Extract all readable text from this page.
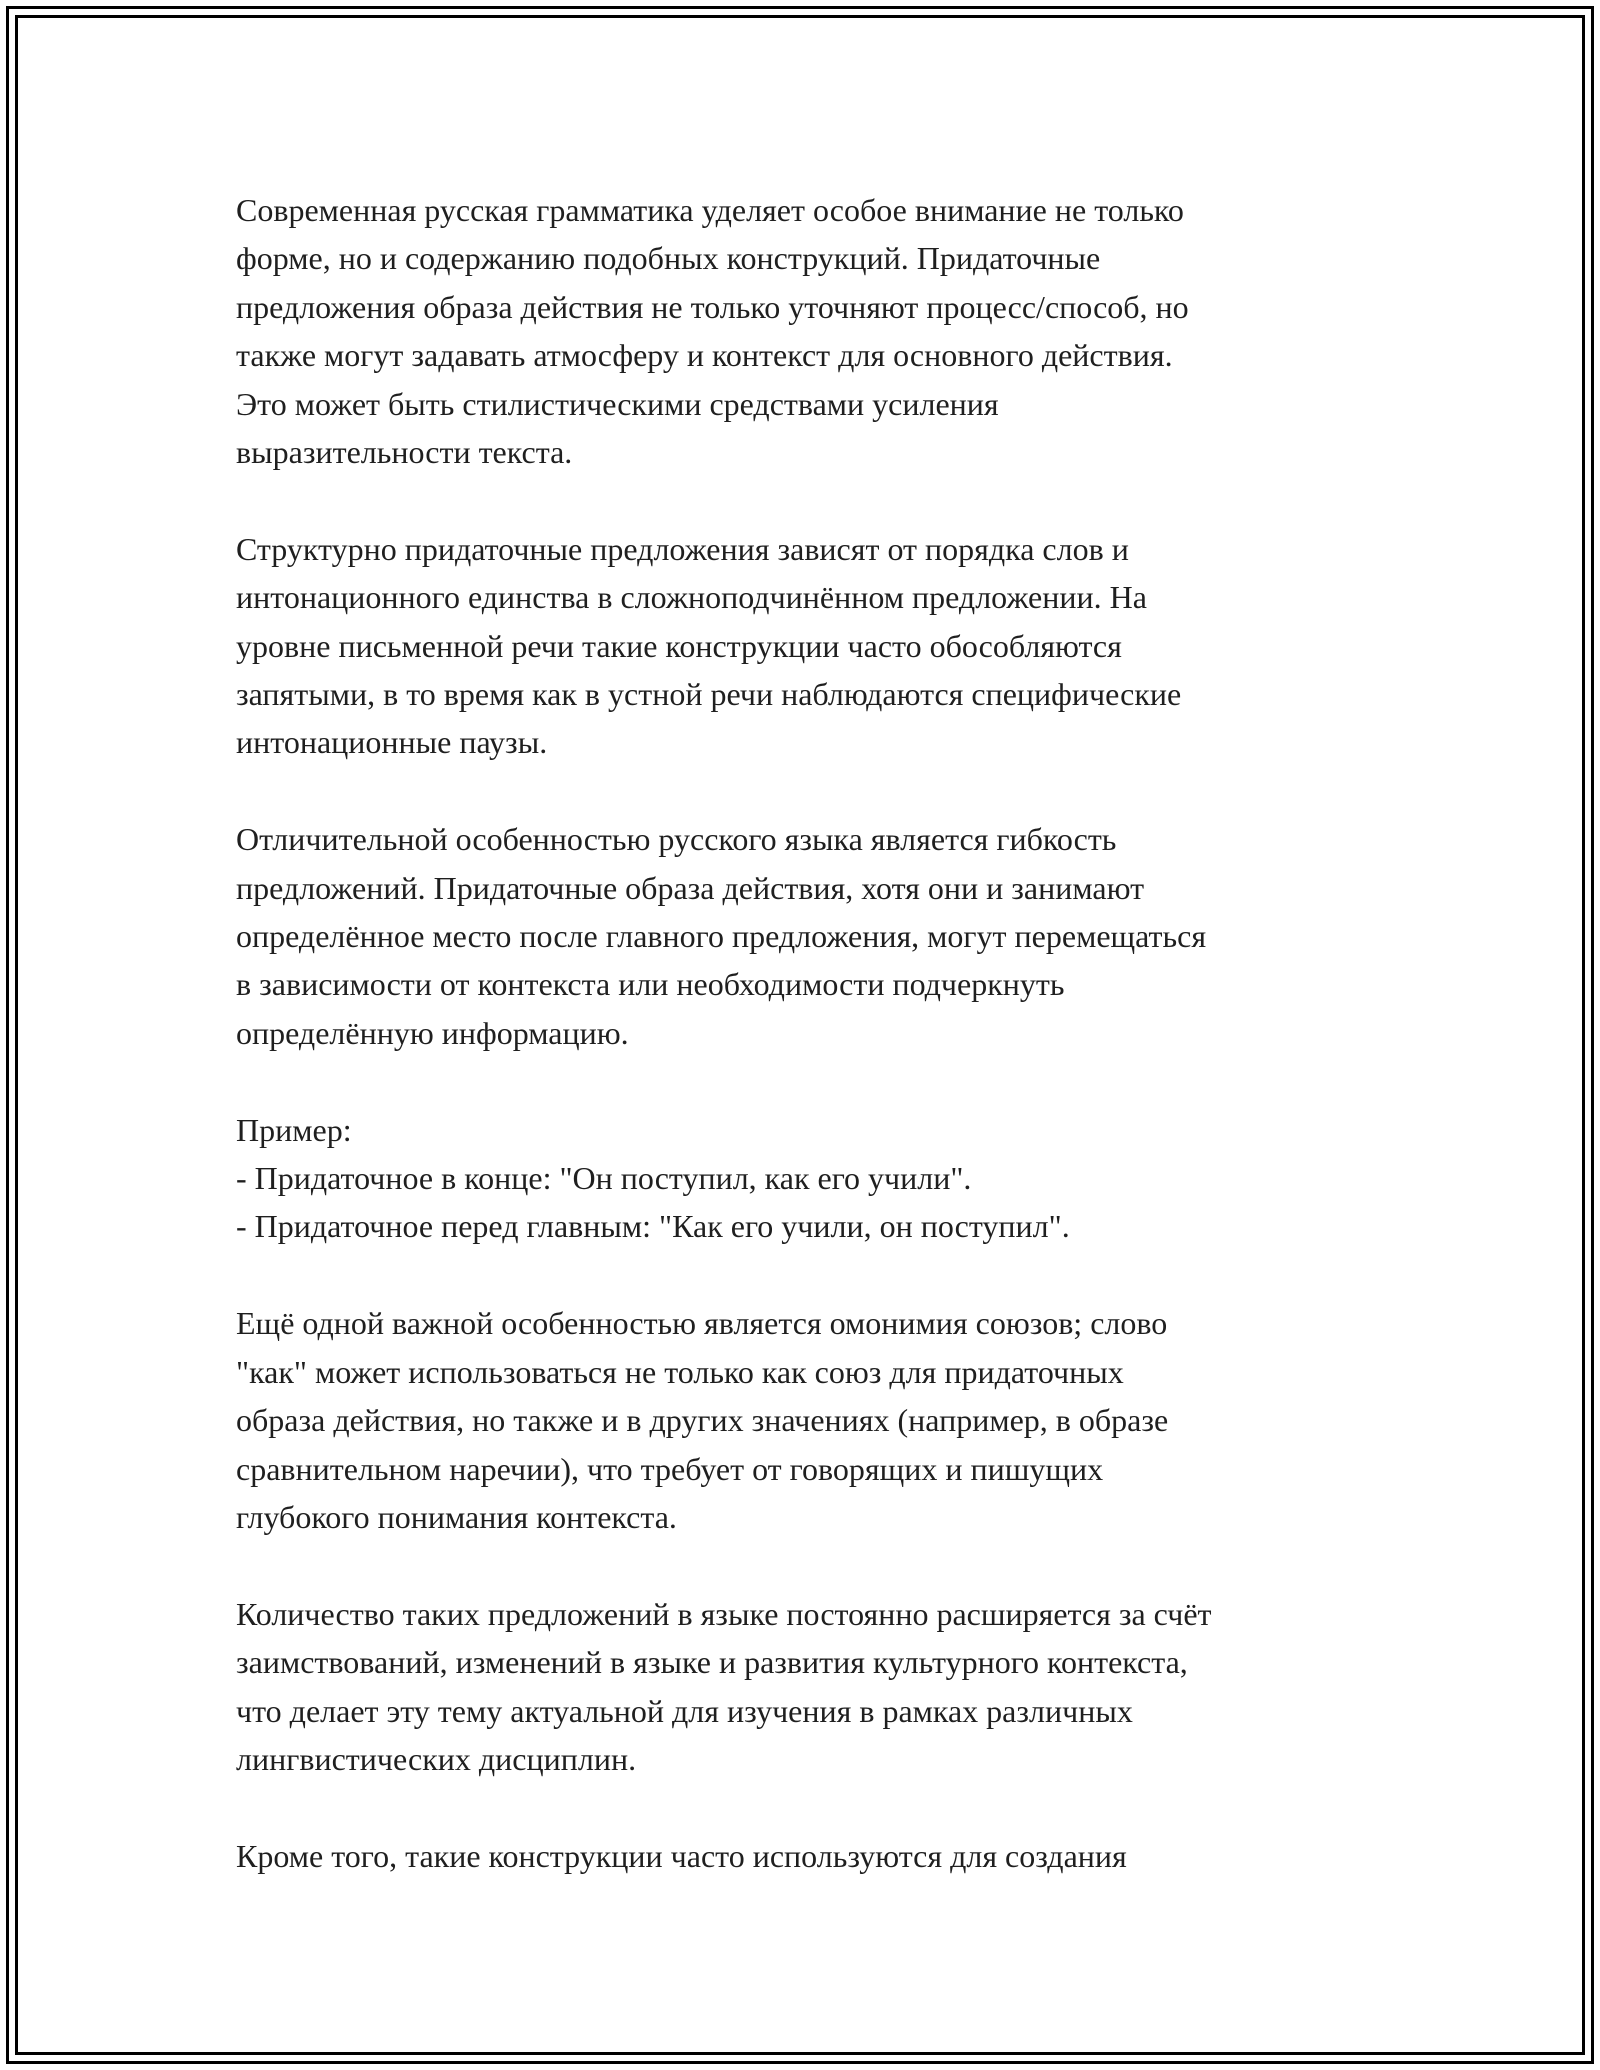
Современная русская грамматика уделяет особое внимание не только
форме, но и содержанию подобных конструкций. Придаточные
предложения образа действия не только уточняют процесс/способ, но
также могут задавать атмосферу и контекст для основного действия.
Это может быть стилистическими средствами усиления
выразительности текста.

Структурно придаточные предложения зависят от порядка слов и
интонационного единства в сложноподчинённом предложении. На
уровне письменной речи такие конструкции часто обособляются
запятыми, в то время как в устной речи наблюдаются специфические
интонационные паузы.

Отличительной особенностью русского языка является гибкость
предложений. Придаточные образа действия, хотя они и занимают
определённое место после главного предложения, могут перемещаться
в зависимости от контекста или необходимости подчеркнуть
определённую информацию.

Пример:
- Придаточное в конце: "Он поступил, как его учили".
- Придаточное перед главным: "Как его учили, он поступил".

Ещё одной важной особенностью является омонимия союзов; слово
"как" может использоваться не только как союз для придаточных
образа действия, но также и в других значениях (например, в образе
сравнительном наречии), что требует от говорящих и пишущих
глубокого понимания контекста.

Количество таких предложений в языке постоянно расширяется за счёт
заимствований, изменений в языке и развития культурного контекста,
что делает эту тему актуальной для изучения в рамках различных
лингвистических дисциплин.

Кроме того, такие конструкции часто используются для создания
